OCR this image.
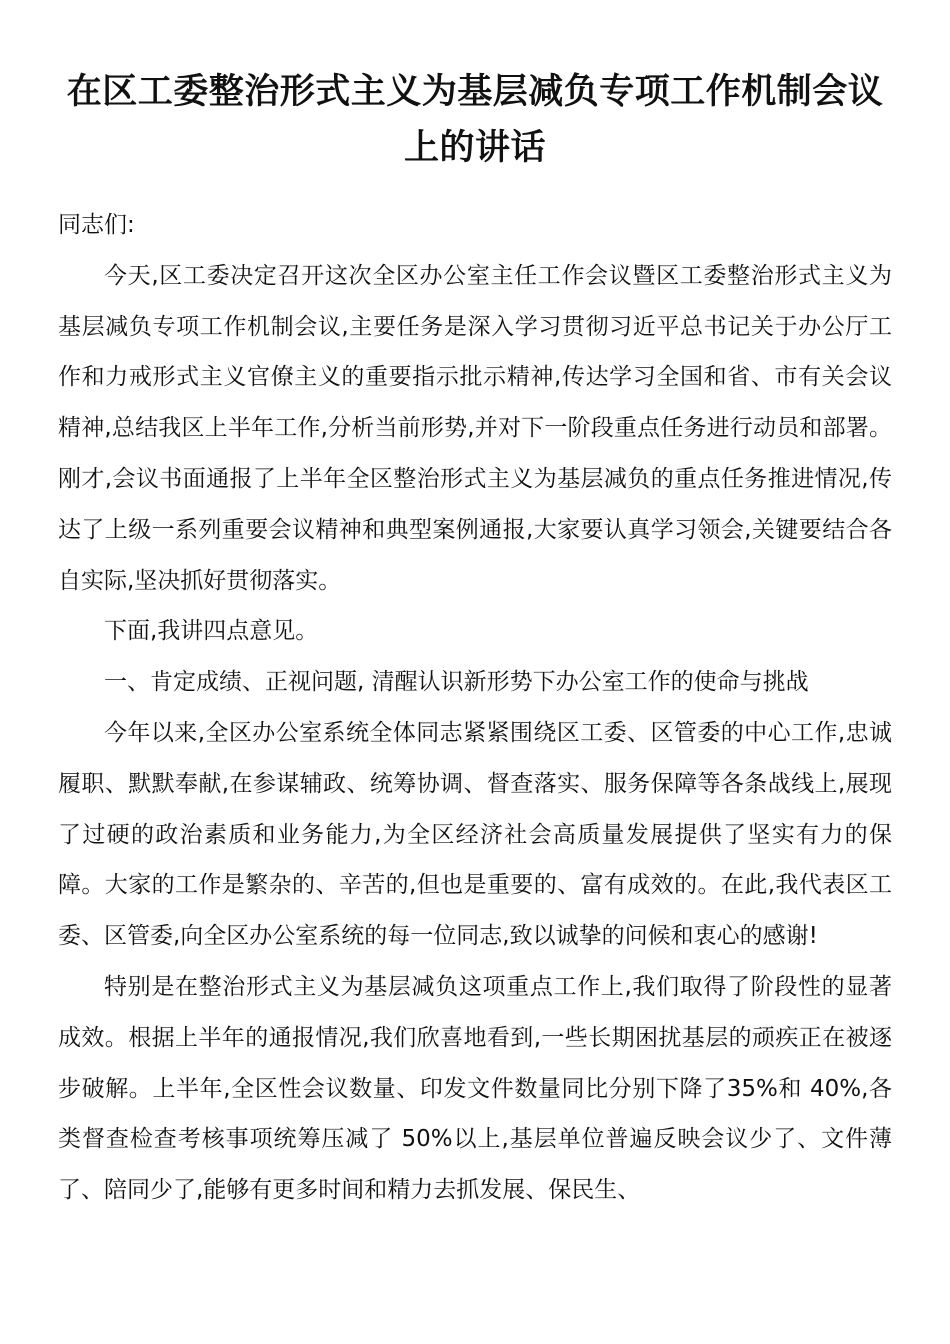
在区工委整治形式主义为基层减负专项工作机制会议上的讲话

同志们:

今天,区工委决定召开这次全区办公室主任工作会议暨区工委整治形式主义为基层减负专项工作机制会议,主要任务是深入学习贯彻习近平总书记关于办公厅工作和力戒形式主义官僚主义的重要指示批示精神,传达学习全国和省、市有关会议精神,总结我区上半年工作,分析当前形势,并对下一阶段重点任务进行动员和部署。刚才,会议书面通报了上半年全区整治形式主义为基层减负的重点任务推进情况,传达了上级一系列重要会议精神和典型案例通报,大家要认真学习领会,关键要结合各自实际,坚决抓好贯彻落实。

下面,我讲四点意见。

一、肯定成绩、正视问题, 清醒认识新形势下办公室工作的使命与挑战

今年以来,全区办公室系统全体同志紧紧围绕区工委、区管委的中心工作,忠诚履职、默默奉献,在参谋辅政、统筹协调、督查落实、服务保障等各条战线上,展现了过硬的政治素质和业务能力,为全区经济社会高质量发展提供了坚实有力的保障。大家的工作是繁杂的、辛苦的,但也是重要的、富有成效的。在此,我代表区工委、区管委,向全区办公室系统的每一位同志,致以诚挚的问候和衷心的感谢!

特别是在整治形式主义为基层减负这项重点工作上,我们取得了阶段性的显著成效。根据上半年的通报情况,我们欣喜地看到,一些长期困扰基层的顽疾正在被逐步破解。上半年,全区性会议数量、印发文件数量同比分别下降了35%和 40%,各类督查检查考核事项统筹压减了 50%以上,基层单位普遍反映会议少了、文件薄了、陪同少了,能够有更多时间和精力去抓发展、保民生、
